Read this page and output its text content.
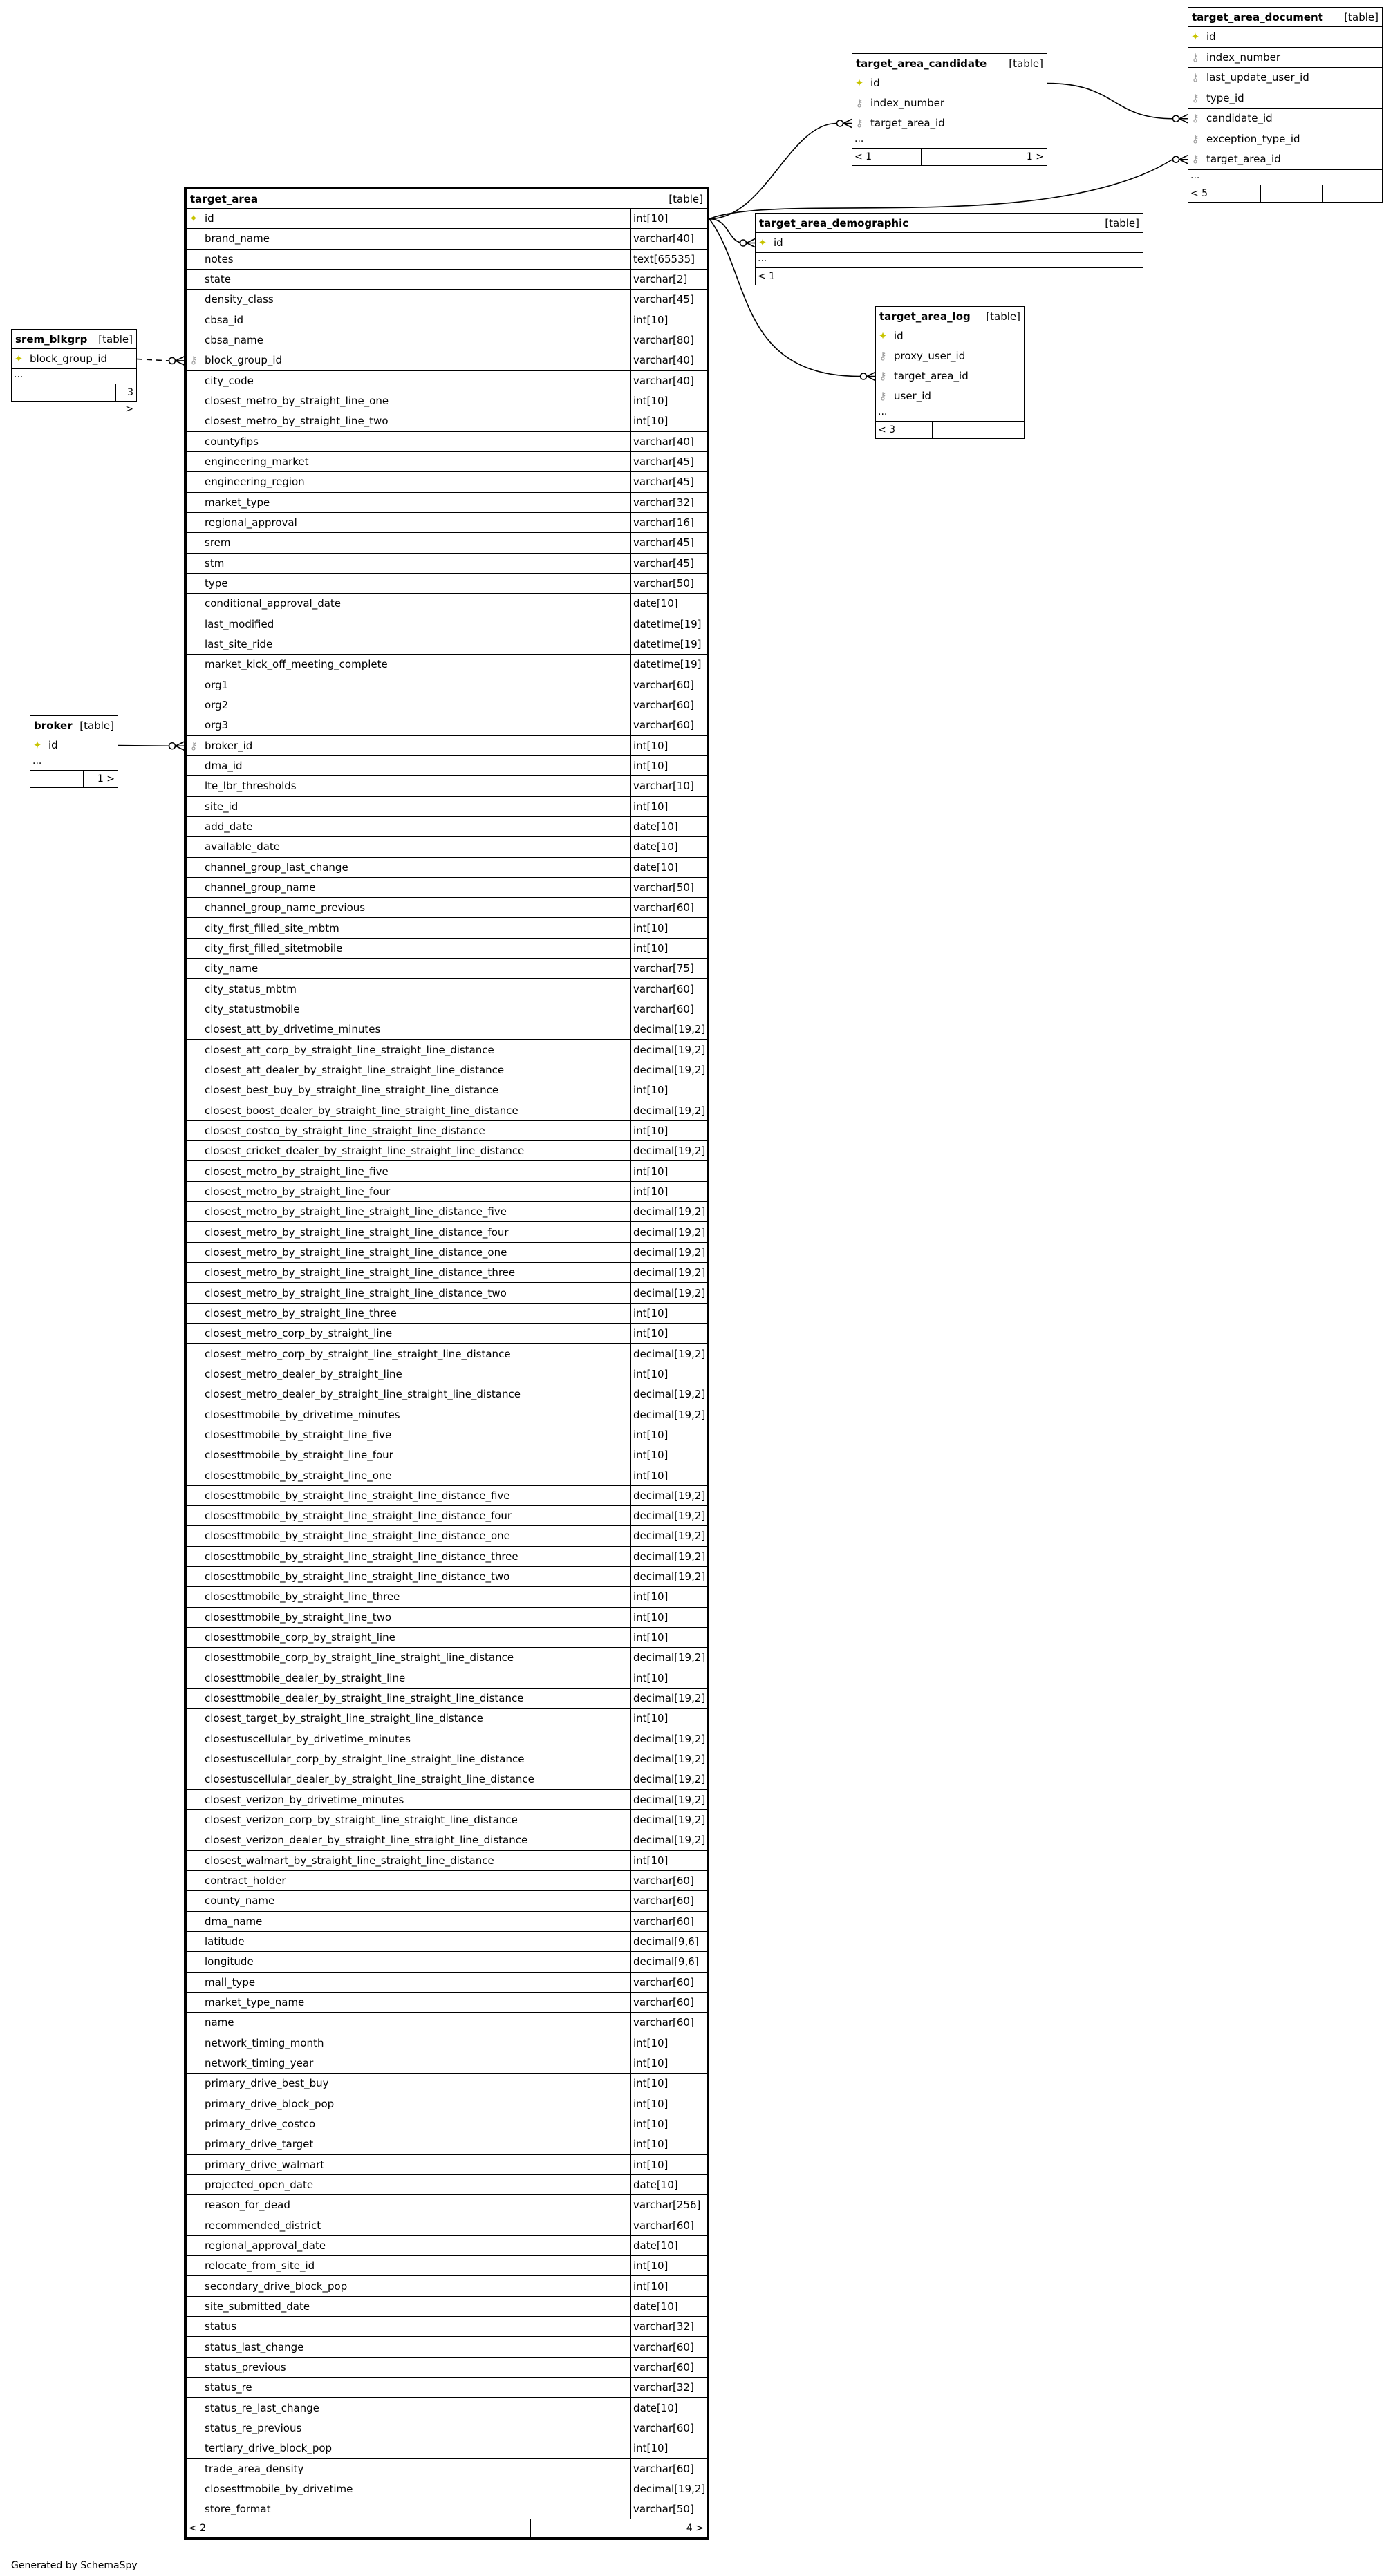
target_area	[table]
✦ id	int[10]
brand_name	varchar[40]
notes	text[65535]
state	varchar[2]
density_class	varchar[45]
cbsa_id	int[10]
cbsa_name	varchar[80]
⚷ block_group_id	varchar[40]
city_code	varchar[40]
closest_metro_by_straight_line_one	int[10]
closest_metro_by_straight_line_two	int[10]
countyfips	varchar[40]
engineering_market	varchar[45]
engineering_region	varchar[45]
market_type	varchar[32]
regional_approval	varchar[16]
srem	varchar[45]
stm	varchar[45]
type	varchar[50]
conditional_approval_date	date[10]
last_modified	datetime[19]
last_site_ride	datetime[19]
market_kick_off_meeting_complete	datetime[19]
org1	varchar[60]
org2	varchar[60]
org3	varchar[60]
⚷ broker_id	int[10]
dma_id	int[10]
lte_lbr_thresholds	varchar[10]
site_id	int[10]
add_date	date[10]
available_date	date[10]
channel_group_last_change	date[10]
channel_group_name	varchar[50]
channel_group_name_previous	varchar[60]
city_first_filled_site_mbtm	int[10]
city_first_filled_sitetmobile	int[10]
city_name	varchar[75]
city_status_mbtm	varchar[60]
city_statustmobile	varchar[60]
closest_att_by_drivetime_minutes	decimal[19,2]
closest_att_corp_by_straight_line_straight_line_distance	decimal[19,2]
closest_att_dealer_by_straight_line_straight_line_distance	decimal[19,2]
closest_best_buy_by_straight_line_straight_line_distance	int[10]
closest_boost_dealer_by_straight_line_straight_line_distance	decimal[19,2]
closest_costco_by_straight_line_straight_line_distance	int[10]
closest_cricket_dealer_by_straight_line_straight_line_distance	decimal[19,2]
closest_metro_by_straight_line_five	int[10]
closest_metro_by_straight_line_four	int[10]
closest_metro_by_straight_line_straight_line_distance_five	decimal[19,2]
closest_metro_by_straight_line_straight_line_distance_four	decimal[19,2]
closest_metro_by_straight_line_straight_line_distance_one	decimal[19,2]
closest_metro_by_straight_line_straight_line_distance_three	decimal[19,2]
closest_metro_by_straight_line_straight_line_distance_two	decimal[19,2]
closest_metro_by_straight_line_three	int[10]
closest_metro_corp_by_straight_line	int[10]
closest_metro_corp_by_straight_line_straight_line_distance	decimal[19,2]
closest_metro_dealer_by_straight_line	int[10]
closest_metro_dealer_by_straight_line_straight_line_distance	decimal[19,2]
closesttmobile_by_drivetime_minutes	decimal[19,2]
closesttmobile_by_straight_line_five	int[10]
closesttmobile_by_straight_line_four	int[10]
closesttmobile_by_straight_line_one	int[10]
closesttmobile_by_straight_line_straight_line_distance_five	decimal[19,2]
closesttmobile_by_straight_line_straight_line_distance_four	decimal[19,2]
closesttmobile_by_straight_line_straight_line_distance_one	decimal[19,2]
closesttmobile_by_straight_line_straight_line_distance_three	decimal[19,2]
closesttmobile_by_straight_line_straight_line_distance_two	decimal[19,2]
closesttmobile_by_straight_line_three	int[10]
closesttmobile_by_straight_line_two	int[10]
closesttmobile_corp_by_straight_line	int[10]
closesttmobile_corp_by_straight_line_straight_line_distance	decimal[19,2]
closesttmobile_dealer_by_straight_line	int[10]
closesttmobile_dealer_by_straight_line_straight_line_distance	decimal[19,2]
closest_target_by_straight_line_straight_line_distance	int[10]
closestuscellular_by_drivetime_minutes	decimal[19,2]
closestuscellular_corp_by_straight_line_straight_line_distance	decimal[19,2]
closestuscellular_dealer_by_straight_line_straight_line_distance	decimal[19,2]
closest_verizon_by_drivetime_minutes	decimal[19,2]
closest_verizon_corp_by_straight_line_straight_line_distance	decimal[19,2]
closest_verizon_dealer_by_straight_line_straight_line_distance	decimal[19,2]
closest_walmart_by_straight_line_straight_line_distance	int[10]
contract_holder	varchar[60]
county_name	varchar[60]
dma_name	varchar[60]
latitude	decimal[9,6]
longitude	decimal[9,6]
mall_type	varchar[60]
market_type_name	varchar[60]
name	varchar[60]
network_timing_month	int[10]
network_timing_year	int[10]
primary_drive_best_buy	int[10]
primary_drive_block_pop	int[10]
primary_drive_costco	int[10]
primary_drive_target	int[10]
primary_drive_walmart	int[10]
projected_open_date	date[10]
reason_for_dead	varchar[256]
recommended_district	varchar[60]
regional_approval_date	date[10]
relocate_from_site_id	int[10]
secondary_drive_block_pop	int[10]
site_submitted_date	date[10]
status	varchar[32]
status_last_change	varchar[60]
status_previous	varchar[60]
status_re	varchar[32]
status_re_last_change	date[10]
status_re_previous	varchar[60]
tertiary_drive_block_pop	int[10]
trade_area_density	varchar[60]
closesttmobile_by_drivetime	decimal[19,2]
store_format	varchar[50]
< 2	4 >
srem_blkgrp [table]
✦ block_group_id
...
3 >
broker [table]
✦ id
...
1 >
target_area_candidate [table]
✦ id
⚷ index_number
⚷ target_area_id
...
< 1	1 >
target_area_document [table]
✦ id
⚷ index_number
⚷ last_update_user_id
⚷ type_id
⚷ candidate_id
⚷ exception_type_id
⚷ target_area_id
...
< 5
target_area_demographic	[table]
✦ id
...
< 1
target_area_log [table]
✦ id
⚷ proxy_user_id
⚷ target_area_id
⚷ user_id
...
< 3
Generated by SchemaSpy
